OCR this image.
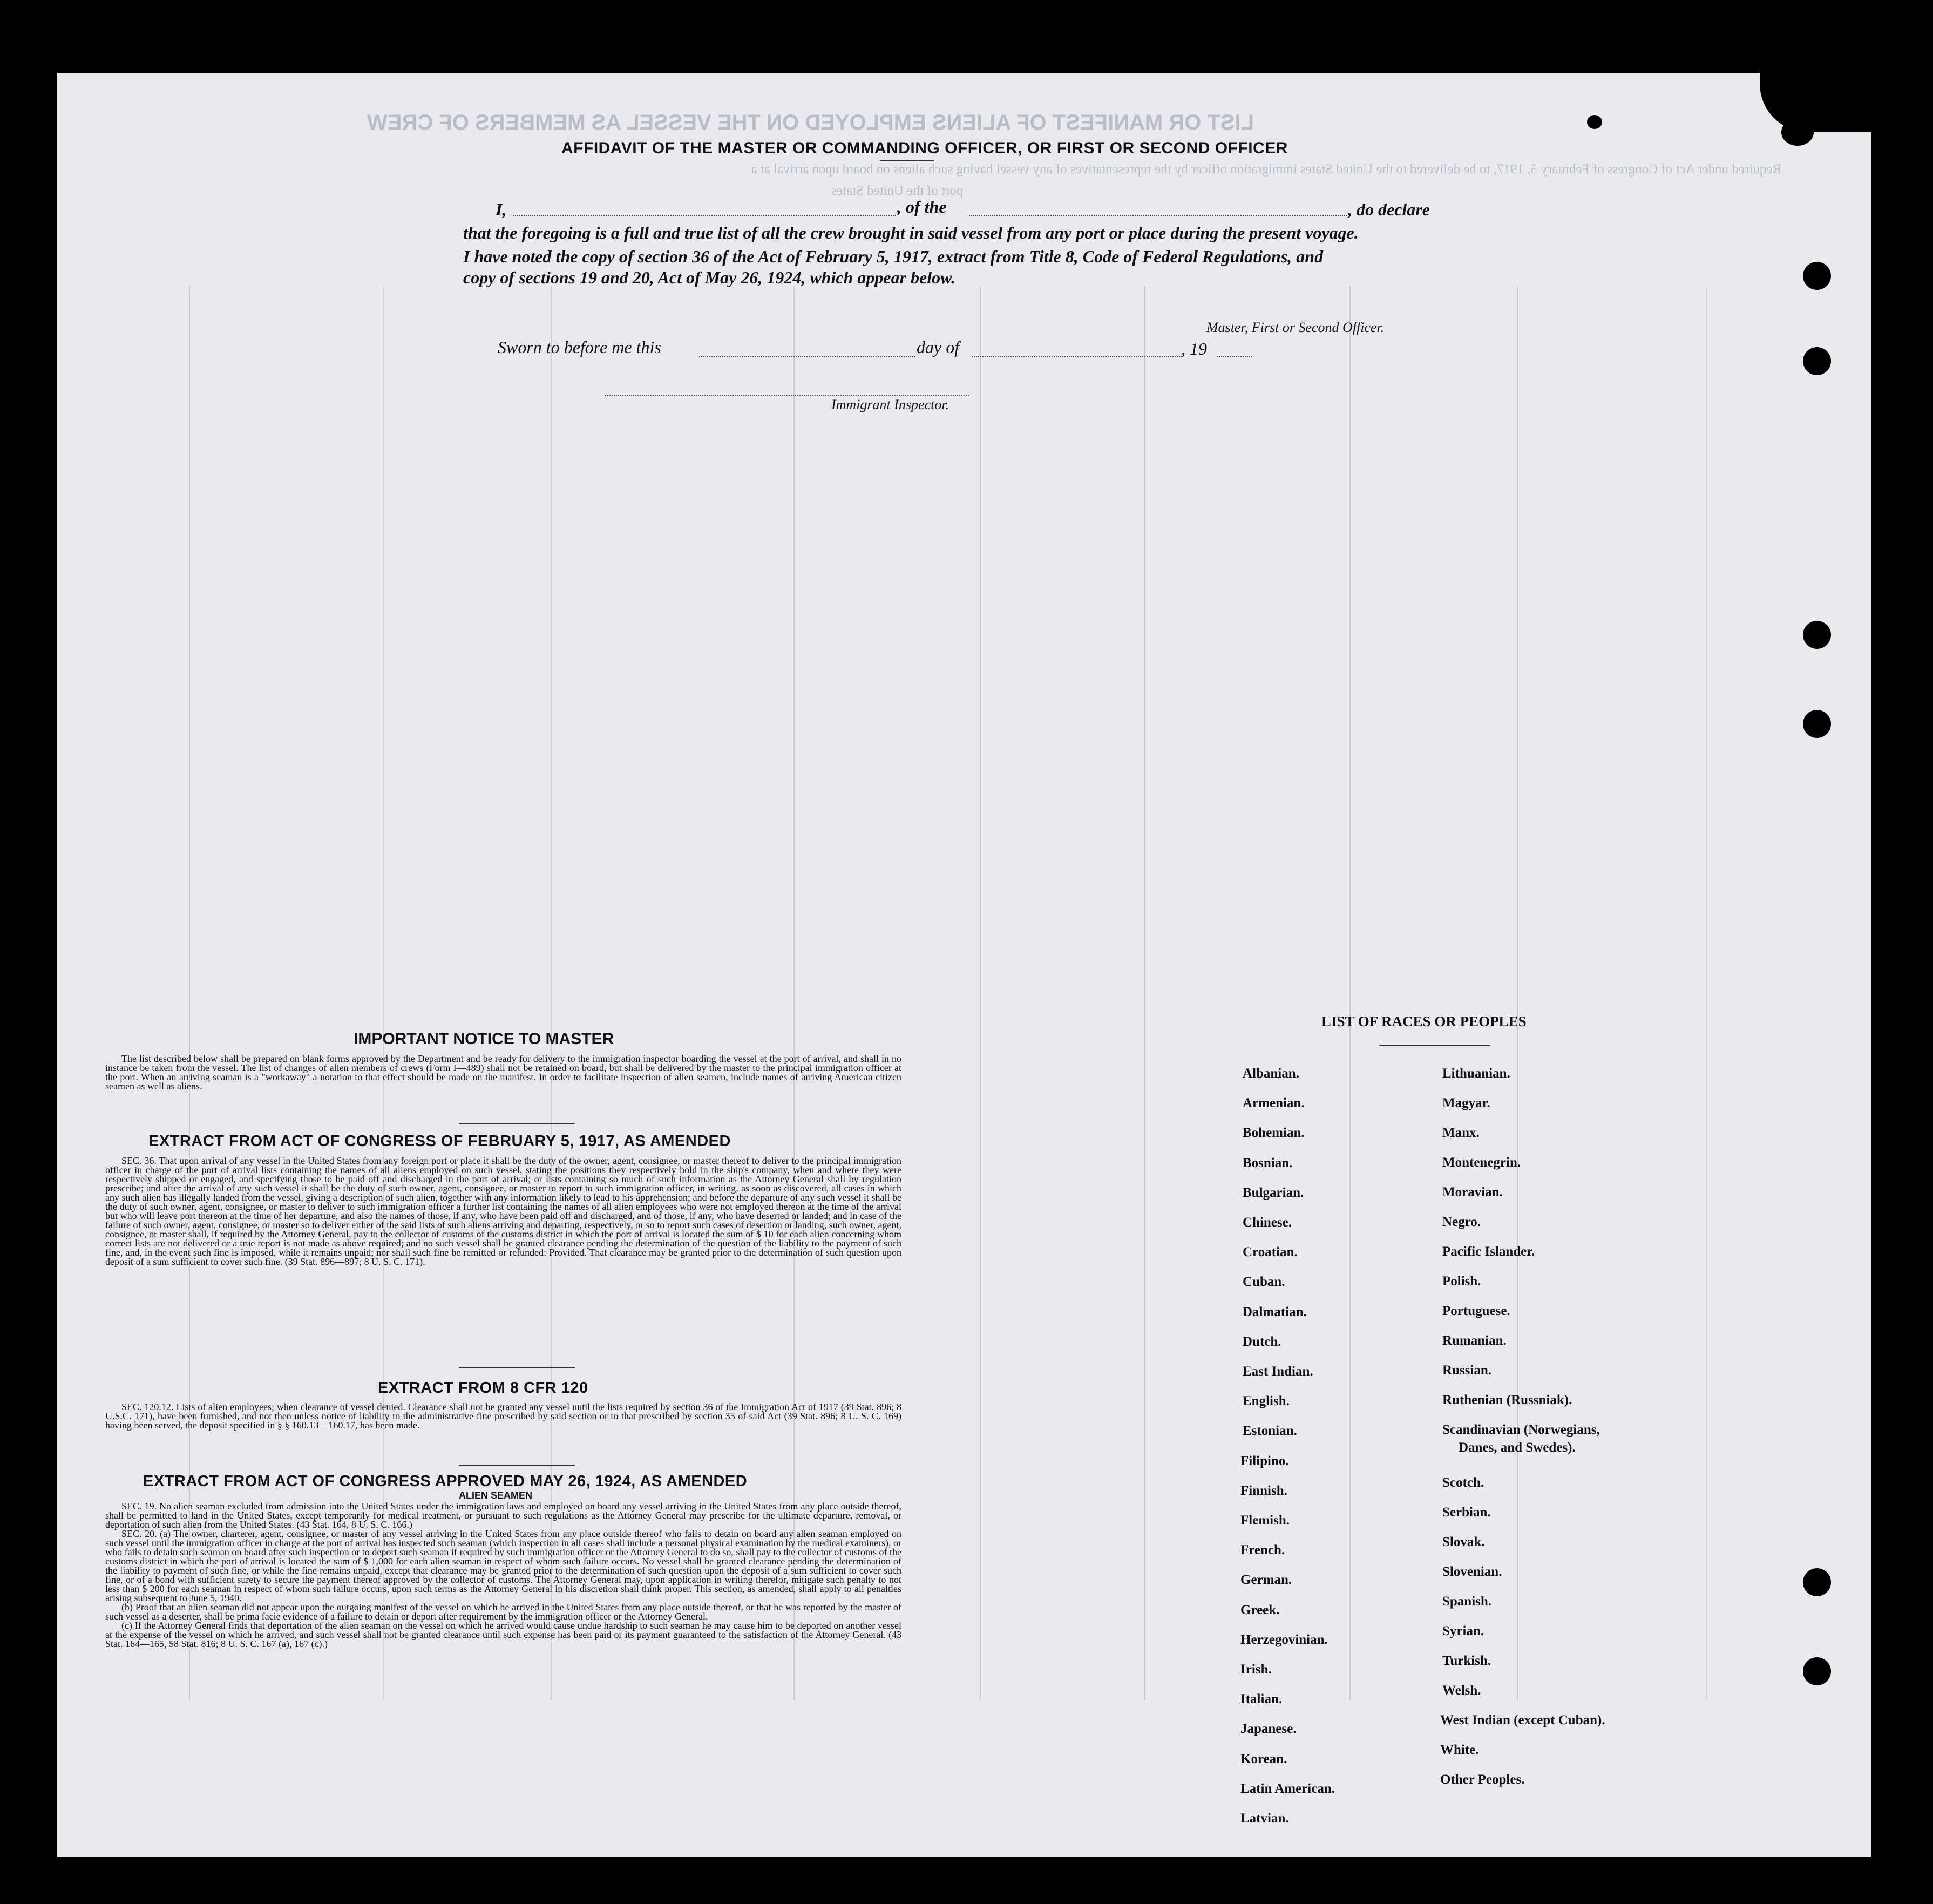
LIST OR MANIFEST OF ALIENS EMPLOYED ON THE VESSEL AS MEMBERS OF CREW
Required under Act of Congress of February 5, 1917, to be delivered to the United States immigration officer by the representatives of any vessel having such aliens on board upon arrival at a
port of the United States
AFFIDAVIT OF THE MASTER OR COMMANDING OFFICER, OR FIRST OR SECOND OFFICER
I,	, of the	, do declare
that the foregoing is a full and true list of all the crew brought in said vessel from any port or place during the present voyage.
I have noted the copy of section 36 of the Act of February 5, 1917, extract from Title 8, Code of Federal Regulations, and
copy of sections 19 and 20, Act of May 26, 1924, which appear below.
Master, First or Second Officer.
Sworn to before me this	day of	, 19
Immigrant Inspector.
IMPORTANT NOTICE TO MASTER

The list described below shall be prepared on blank forms approved by the Department and be ready for delivery to the immigration inspector boarding the vessel at the port of arrival, and shall in no instance be taken from the vessel. The list of changes of alien members of crews (Form I—489) shall not be retained on board, but shall be delivered by the master to the principal immigration officer at the port. When an arriving seaman is a "workaway" a notation to that effect should be made on the manifest. In order to facilitate inspection of alien seamen, include names of arriving American citizen seamen as well as aliens.

EXTRACT FROM ACT OF CONGRESS OF FEBRUARY 5, 1917, AS AMENDED

SEC. 36. That upon arrival of any vessel in the United States from any foreign port or place it shall be the duty of the owner, agent, consignee, or master thereof to deliver to the principal immigration officer in charge of the port of arrival lists containing the names of all aliens employed on such vessel, stating the positions they respectively hold in the ship's company, when and where they were respectively shipped or engaged, and specifying those to be paid off and discharged in the port of arrival; or lists containing so much of such information as the Attorney General shall by regulation prescribe; and after the arrival of any such vessel it shall be the duty of such owner, agent, consignee, or master to report to such immigration officer, in writing, as soon as discovered, all cases in which any such alien has illegally landed from the vessel, giving a description of such alien, together with any information likely to lead to his apprehension; and before the departure of any such vessel it shall be the duty of such owner, agent, consignee, or master to deliver to such immigration officer a further list containing the names of all alien employees who were not employed thereon at the time of the arrival but who will leave port thereon at the time of her departure, and also the names of those, if any, who have been paid off and discharged, and of those, if any, who have deserted or landed; and in case of the failure of such owner, agent, consignee, or master so to deliver either of the said lists of such aliens arriving and departing, respectively, or so to report such cases of desertion or landing, such owner, agent, consignee, or master shall, if required by the Attorney General, pay to the collector of customs of the customs district in which the port of arrival is located the sum of $ 10 for each alien concerning whom correct lists are not delivered or a true report is not made as above required; and no such vessel shall be granted clearance pending the determination of the question of the liability to the payment of such fine, and, in the event such fine is imposed, while it remains unpaid; nor shall such fine be remitted or refunded: Provided. That clearance may be granted prior to the determination of such question upon deposit of a sum sufficient to cover such fine. (39 Stat. 896—897; 8 U. S. C. 171).

EXTRACT FROM 8 CFR 120

SEC. 120.12. Lists of alien employees; when clearance of vessel denied. Clearance shall not be granted any vessel until the lists required by section 36 of the Immigration Act of 1917 (39 Stat. 896; 8 U.S.C. 171), have been furnished, and not then unless notice of liability to the administrative fine prescribed by said section or to that prescribed by section 35 of said Act (39 Stat. 896; 8 U. S. C. 169) having been served, the deposit specified in § § 160.13—160.17, has been made.

EXTRACT FROM ACT OF CONGRESS APPROVED MAY 26, 1924, AS AMENDED
ALIEN SEAMEN

SEC. 19. No alien seaman excluded from admission into the United States under the immigration laws and employed on board any vessel arriving in the United States from any place outside thereof, shall be permitted to land in the United States, except temporarily for medical treatment, or pursuant to such regulations as the Attorney General may prescribe for the ultimate departure, removal, or deportation of such alien from the United States. (43 Stat. 164, 8 U. S. C. 166.)

SEC. 20. (a) The owner, charterer, agent, consignee, or master of any vessel arriving in the United States from any place outside thereof who fails to detain on board any alien seaman employed on such vessel until the immigration officer in charge at the port of arrival has inspected such seaman (which inspection in all cases shall include a personal physical examination by the medical examiners), or who fails to detain such seaman on board after such inspection or to deport such seaman if required by such immigration officer or the Attorney General to do so, shall pay to the collector of customs of the customs district in which the port of arrival is located the sum of $ 1,000 for each alien seaman in respect of whom such failure occurs. No vessel shall be granted clearance pending the determination of the liability to payment of such fine, or while the fine remains unpaid, except that clearance may be granted prior to the determination of such question upon the deposit of a sum sufficient to cover such fine, or of a bond with sufficient surety to secure the payment thereof approved by the collector of customs. The Attorney General may, upon application in writing therefor, mitigate such penalty to not less than $ 200 for each seaman in respect of whom such failure occurs, upon such terms as the Attorney General in his discretion shall think proper. This section, as amended, shall apply to all penalties arising subsequent to June 5, 1940.

(b) Proof that an alien seaman did not appear upon the outgoing manifest of the vessel on which he arrived in the United States from any place outside thereof, or that he was reported by the master of such vessel as a deserter, shall be prima facie evidence of a failure to detain or deport after requirement by the immigration officer or the Attorney General.

(c) If the Attorney General finds that deportation of the alien seaman on the vessel on which he arrived would cause undue hardship to such seaman he may cause him to be deported on another vessel at the expense of the vessel on which he arrived, and such vessel shall not be granted clearance until such expense has been paid or its payment guaranteed to the satisfaction of the Attorney General. (43 Stat. 164—165, 58 Stat. 816; 8 U. S. C. 167 (a), 167 (c).)

LIST OF RACES OR PEOPLES
Albanian.
Armenian.
Bohemian.
Bosnian.
Bulgarian.
Chinese.
Croatian.
Cuban.
Dalmatian.
Dutch.
East Indian.
English.
Estonian.
Filipino.
Finnish.
Flemish.
French.
German.
Greek.
Herzegovinian.
Irish.
Italian.
Japanese.
Korean.
Latin American.
Latvian.
Lithuanian.
Magyar.
Manx.
Montenegrin.
Moravian.
Negro.
Pacific Islander.
Polish.
Portuguese.
Rumanian.
Russian.
Ruthenian (Russniak).
Scandinavian (Norwegians,
Danes, and Swedes).
Scotch.
Serbian.
Slovak.
Slovenian.
Spanish.
Syrian.
Turkish.
Welsh.
West Indian (except Cuban).
White.
Other Peoples.
